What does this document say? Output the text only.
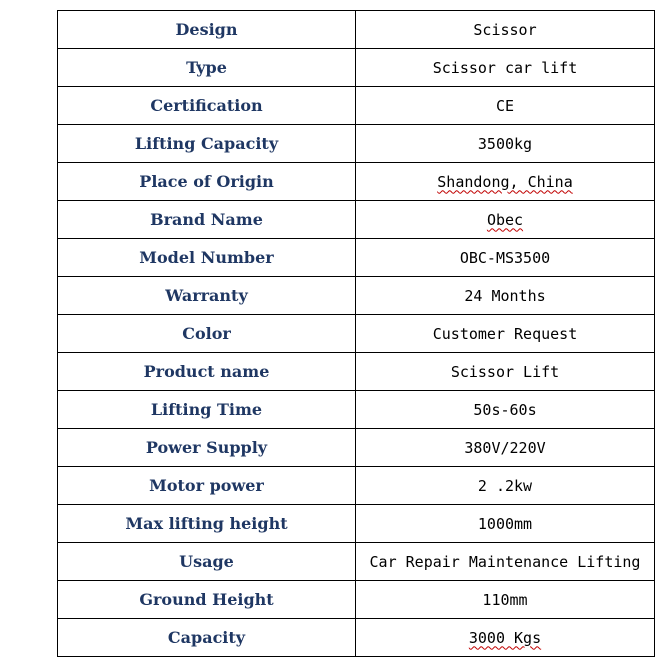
Design	Scissor
Type	Scissor car lift
Certification	CE
Lifting Capacity	3500kg
Place of Origin	Shandong, China
Brand Name	Obec
Model Number	OBC-MS3500
Warranty	24 Months
Color	Customer Request
Product name	Scissor Lift
Lifting Time	50s-60s
Power Supply	380V/220V
Motor power	2 .2kw
Max lifting height	1000mm
Usage	Car Repair Maintenance Lifting
Ground Height	110mm
Capacity	3000 Kgs
